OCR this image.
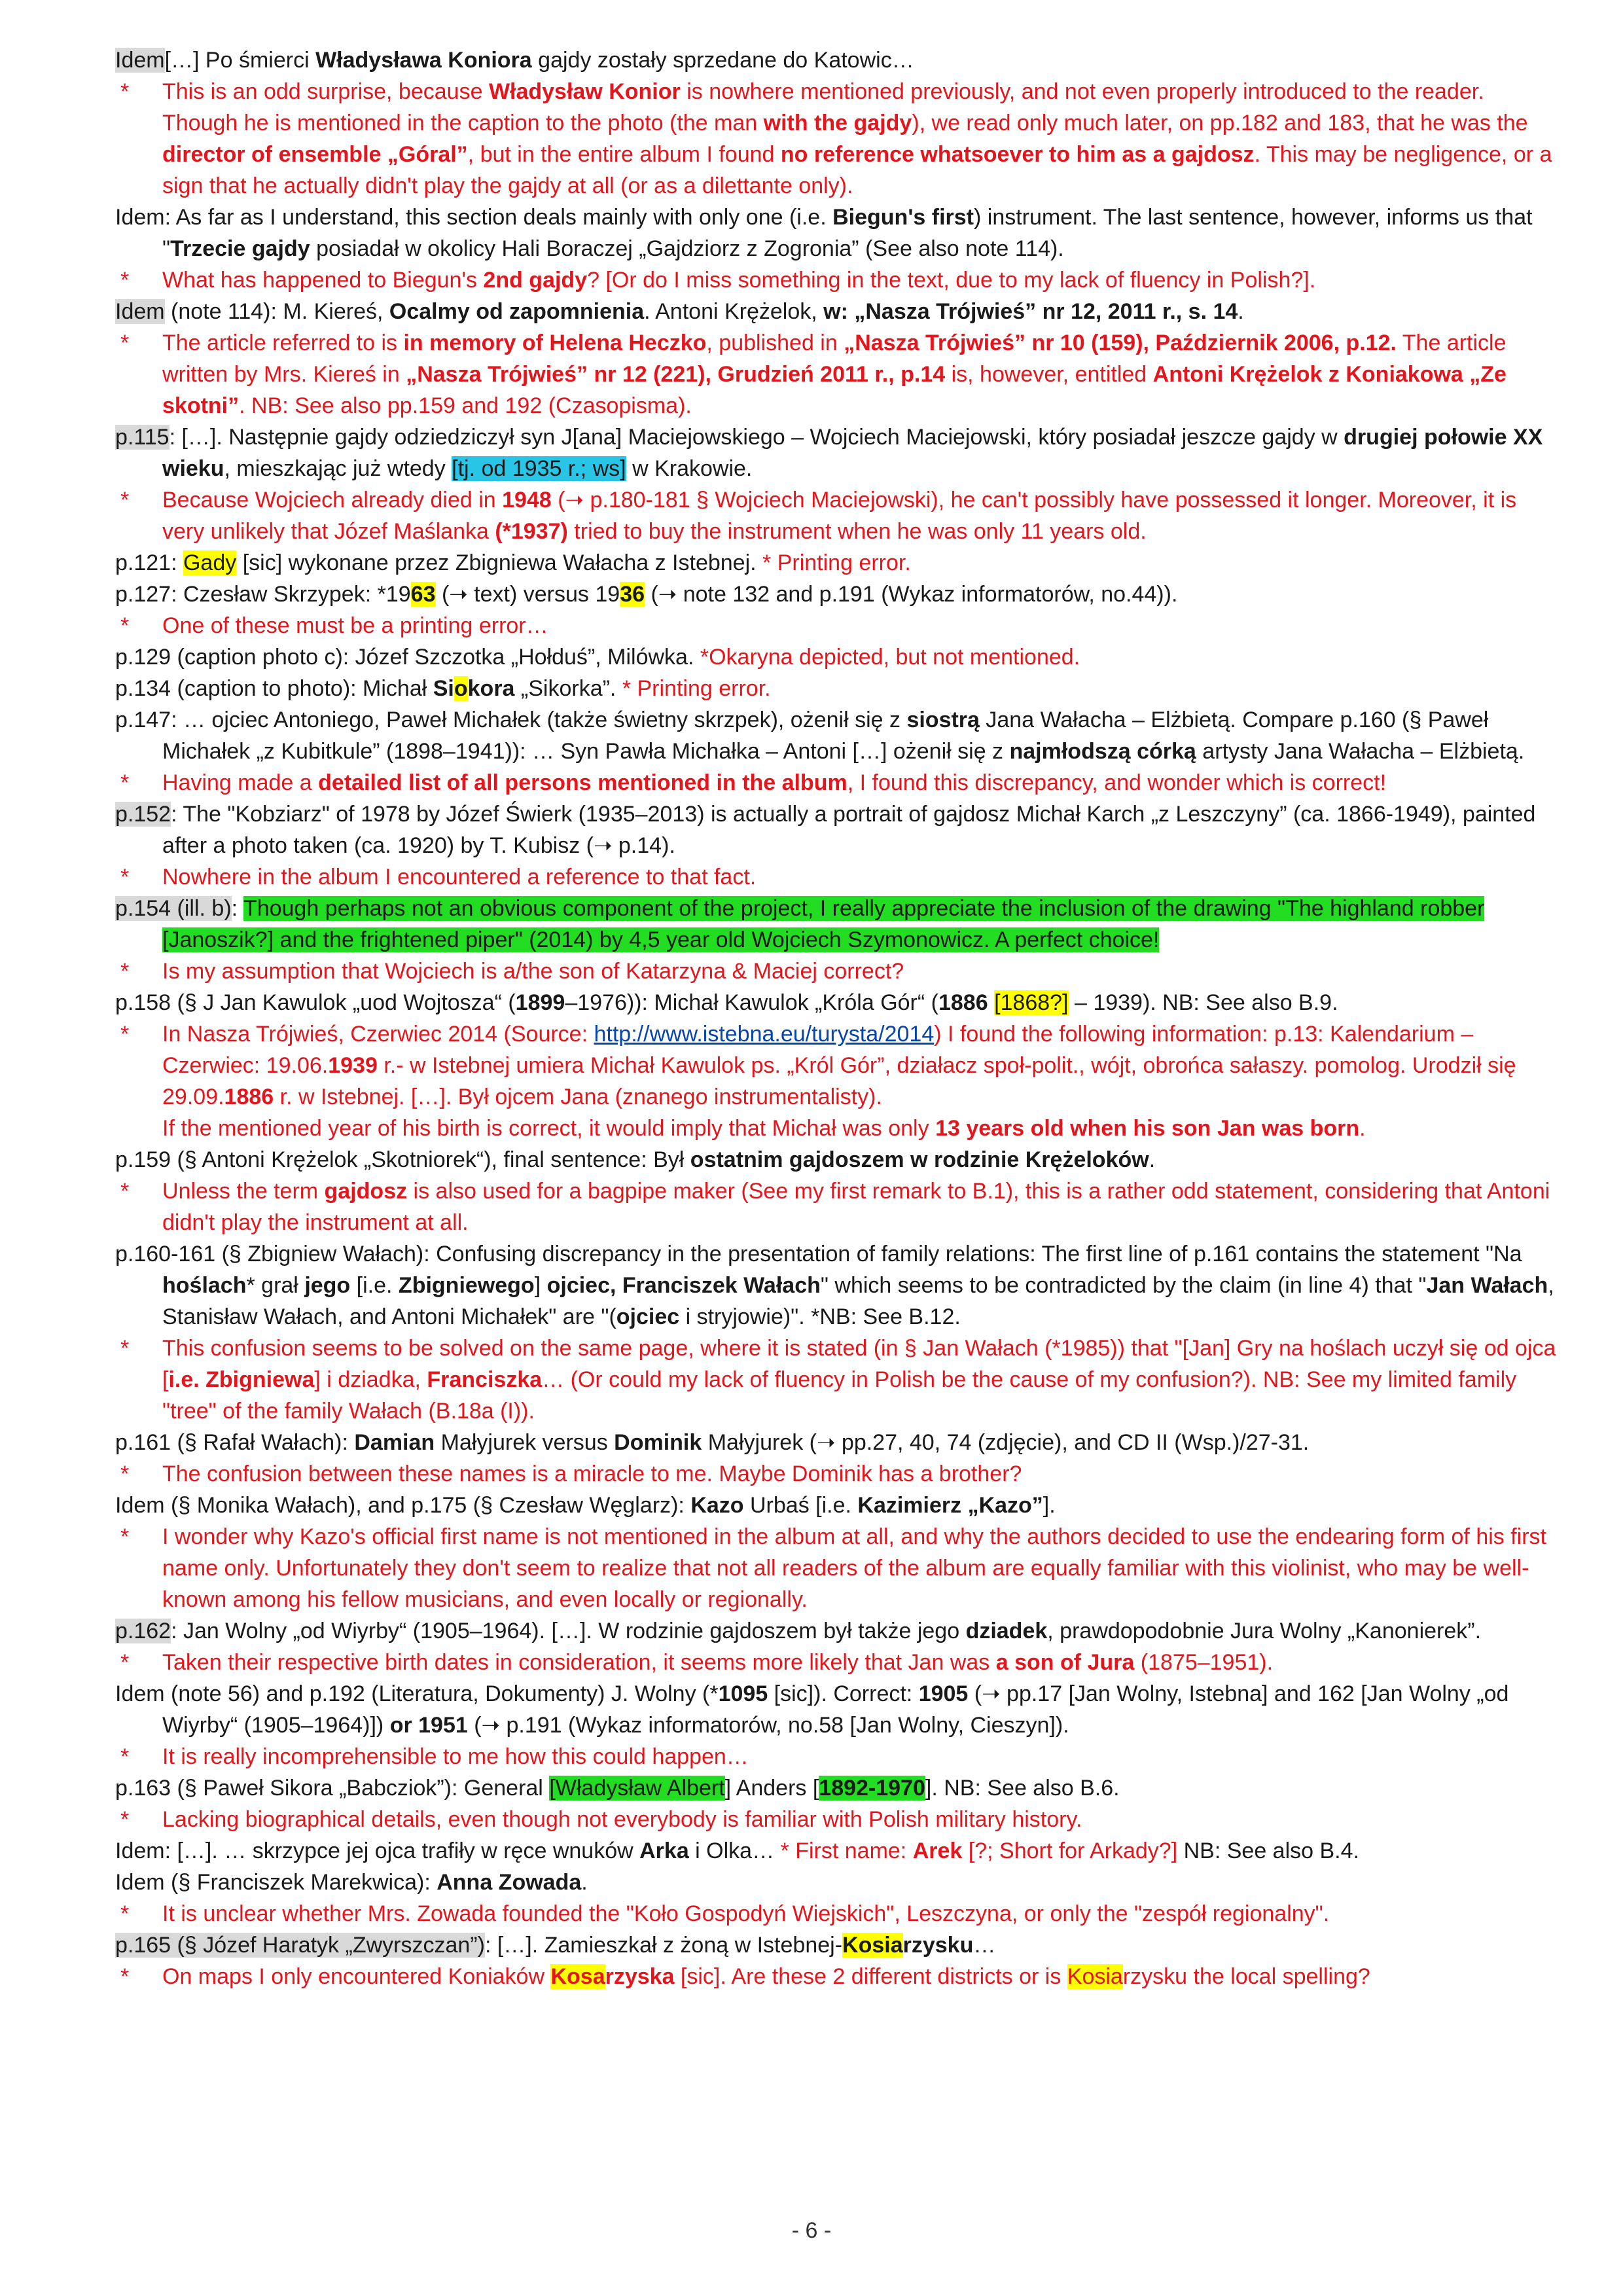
Idem[…] Po śmierci Władysława Koniora gajdy zostały sprzedane do Katowic…

* This is an odd surprise, because Władysław Konior is nowhere mentioned previously, and not even properly introduced to the reader. Though he is mentioned in the caption to the photo (the man with the gajdy), we read only much later, on pp.182 and 183, that he was the director of ensemble „Góral”, but in the entire album I found no reference whatsoever to him as a gajdosz. This may be negligence, or a sign that he actually didn't play the gajdy at all (or as a dilettante only).

Idem: As far as I understand, this section deals mainly with only one (i.e. Biegun's first) instrument. The last sentence, however, informs us that "Trzecie gajdy posiadał w okolicy Hali Boraczej „Gajdziorz z Zogronia” (See also note 114).

* What has happened to Biegun's 2nd gajdy? [Or do I miss something in the text, due to my lack of fluency in Polish?].

Idem (note 114): M. Kiereś, Ocalmy od zapomnienia. Antoni Krężelok, w: „Nasza Trójwieś” nr 12, 2011 r., s. 14.

* The article referred to is in memory of Helena Heczko, published in „Nasza Trójwieś” nr 10 (159), Październik 2006, p.12. The article written by Mrs. Kiereś in „Nasza Trójwieś” nr 12 (221), Grudzień 2011 r., p.14 is, however, entitled Antoni Krężelok z Koniakowa „Ze skotni”. NB: See also pp.159 and 192 (Czasopisma).

p.115: […]. Następnie gajdy odziedziczył syn J[ana] Maciejowskiego – Wojciech Maciejowski, który posiadał jeszcze gajdy w drugiej połowie XX wieku, mieszkając już wtedy [tj. od 1935 r.; ws] w Krakowie.

* Because Wojciech already died in 1948 (➝ p.180-181 § Wojciech Maciejowski), he can't possibly have possessed it longer. Moreover, it is very unlikely that Józef Maślanka (*1937) tried to buy the instrument when he was only 11 years old.

p.121: Gady [sic] wykonane przez Zbigniewa Wałacha z Istebnej. * Printing error.

p.127: Czesław Skrzypek: *1963 (➝ text) versus 1936 (➝ note 132 and p.191 (Wykaz informatorów, no.44)).

* One of these must be a printing error…

p.129 (caption photo c): Józef Szczotka „Hołduś”, Milówka. *Okaryna depicted, but not mentioned.

p.134 (caption to photo): Michał Siokora „Sikorka”. * Printing error.

p.147: … ojciec Antoniego, Paweł Michałek (także świetny skrzpek), ożenił się z siostrą Jana Wałacha – Elżbietą. Compare p.160 (§ Paweł Michałek „z Kubitkule” (1898–1941)): … Syn Pawła Michałka – Antoni […] ożenił się z najmłodszą córką artysty Jana Wałacha – Elżbietą.

* Having made a detailed list of all persons mentioned in the album, I found this discrepancy, and wonder which is correct!

p.152: The "Kobziarz" of 1978 by Józef Świerk (1935–2013) is actually a portrait of gajdosz Michał Karch „z Leszczyny” (ca. 1866-1949), painted after a photo taken (ca. 1920) by T. Kubisz (➝ p.14).

* Nowhere in the album I encountered a reference to that fact.

p.154 (ill. b): Though perhaps not an obvious component of the project, I really appreciate the inclusion of the drawing "The highland robber [Janoszik?] and the frightened piper" (2014) by 4,5 year old Wojciech Szymonowicz. A perfect choice!

* Is my assumption that Wojciech is a/the son of Katarzyna & Maciej correct?

p.158 (§ J Jan Kawulok „uod Wojtosza“ (1899–1976)): Michał Kawulok „Króla Gór“ (1886 [1868?] – 1939). NB: See also B.9.

* In Nasza Trójwieś, Czerwiec 2014 (Source: http://www.istebna.eu/turysta/2014) I found the following information: p.13: Kalendarium – Czerwiec: 19.06.1939 r.- w Istebnej umiera Michał Kawulok ps. „Król Gór”, działacz społ-polit., wójt, obrońca sałaszy. pomolog. Urodził się 29.09.1886 r. w Istebnej. […]. Był ojcem Jana (znanego instrumentalisty).

If the mentioned year of his birth is correct, it would imply that Michał was only 13 years old when his son Jan was born.

p.159 (§ Antoni Krężelok „Skotniorek“), final sentence: Był ostatnim gajdoszem w rodzinie Krężeloków.

* Unless the term gajdosz is also used for a bagpipe maker (See my first remark to B.1), this is a rather odd statement, considering that Antoni didn't play the instrument at all.

p.160-161 (§ Zbigniew Wałach): Confusing discrepancy in the presentation of family relations: The first line of p.161 contains the statement "Na hoślach* grał jego [i.e. Zbigniewego] ojciec, Franciszek Wałach" which seems to be contradicted by the claim (in line 4) that "Jan Wałach, Stanisław Wałach, and Antoni Michałek" are "(ojciec i stryjowie)". *NB: See B.12.

* This confusion seems to be solved on the same page, where it is stated (in § Jan Wałach (*1985)) that "[Jan] Gry na hoślach uczył się od ojca [i.e. Zbigniewa] i dziadka, Franciszka… (Or could my lack of fluency in Polish be the cause of my confusion?). NB: See my limited family "tree" of the family Wałach (B.18a (I)).

p.161 (§ Rafał Wałach): Damian Małyjurek versus Dominik Małyjurek (➝ pp.27, 40, 74 (zdjęcie), and CD II (Wsp.)/27-31.

* The confusion between these names is a miracle to me. Maybe Dominik has a brother?

Idem (§ Monika Wałach), and p.175 (§ Czesław Węglarz): Kazo Urbaś [i.e. Kazimierz „Kazo”].

* I wonder why Kazo's official first name is not mentioned in the album at all, and why the authors decided to use the endearing form of his first name only. Unfortunately they don't seem to realize that not all readers of the album are equally familiar with this violinist, who may be well-known among his fellow musicians, and even locally or regionally.

p.162: Jan Wolny „od Wiyrby“ (1905–1964). […]. W rodzinie gajdoszem był także jego dziadek, prawdopodobnie Jura Wolny „Kanonierek”.

* Taken their respective birth dates in consideration, it seems more likely that Jan was a son of Jura (1875–1951).

Idem (note 56) and p.192 (Literatura, Dokumenty) J. Wolny (*1095 [sic]). Correct: 1905 (➝ pp.17 [Jan Wolny, Istebna] and 162 [Jan Wolny „od Wiyrby“ (1905–1964)]) or 1951 (➝ p.191 (Wykaz informatorów, no.58 [Jan Wolny, Cieszyn]).

* It is really incomprehensible to me how this could happen…

p.163 (§ Paweł Sikora „Babcziok”): General [Władysław Albert] Anders [1892-1970]. NB: See also B.6.

* Lacking biographical details, even though not everybody is familiar with Polish military history.

Idem: […]. … skrzypce jej ojca trafiły w ręce wnuków Arka i Olka… * First name: Arek [?; Short for Arkady?] NB: See also B.4.

Idem (§ Franciszek Marekwica): Anna Zowada.

* It is unclear whether Mrs. Zowada founded the "Koło Gospodyń Wiejskich", Leszczyna, or only the "zespół regionalny".

p.165 (§ Józef Haratyk „Zwyrszczan”): […]. Zamieszkał z żoną w Istebnej-Kosiarzysku…

* On maps I only encountered Koniaków Kosarzyska [sic]. Are these 2 different districts or is Kosiarzysku the local spelling?

- 6 -
